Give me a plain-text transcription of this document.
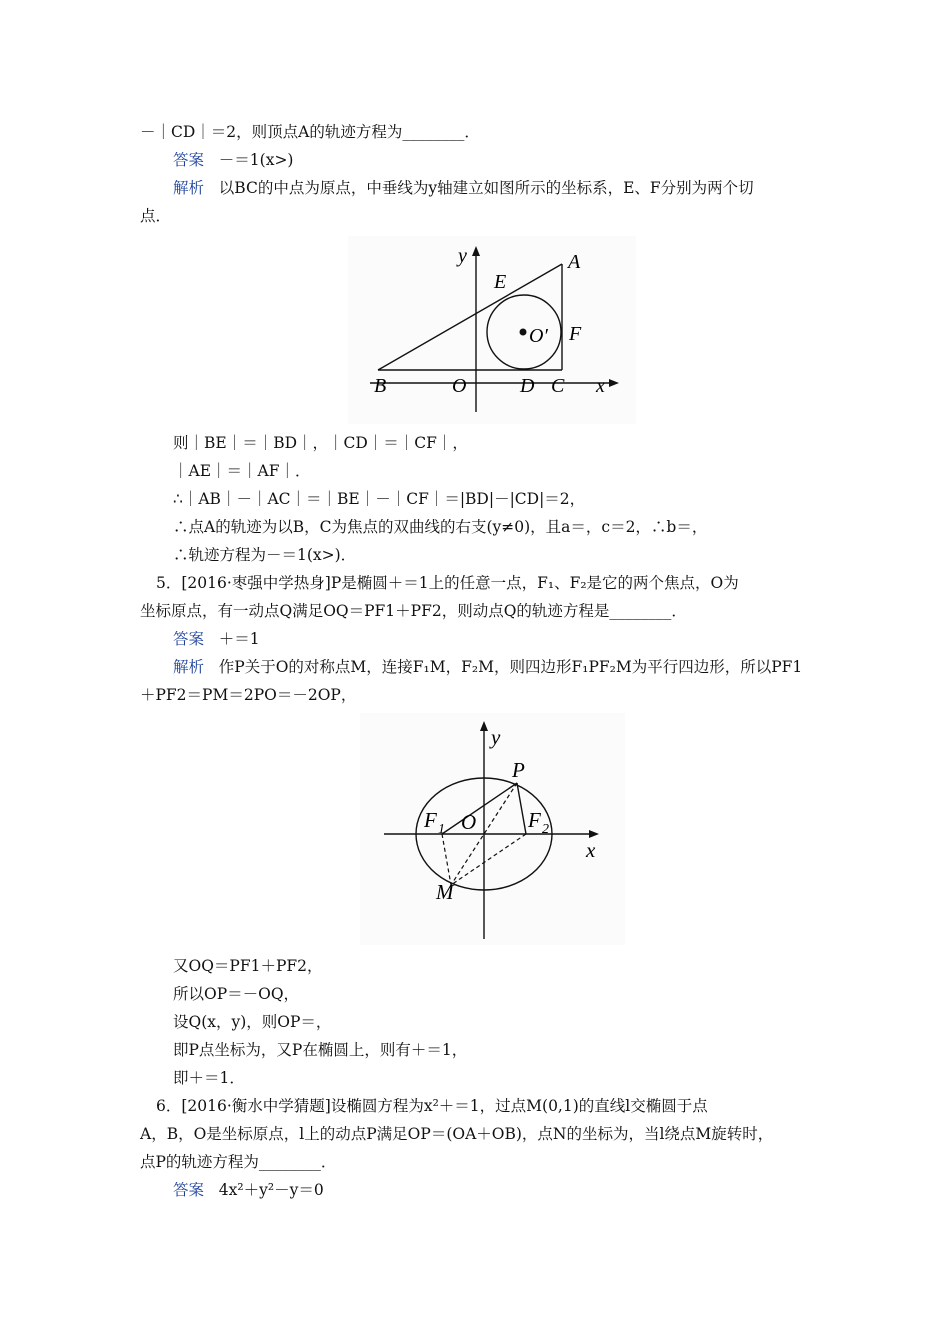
－｜CD｜＝2，则顶点A的轨迹方程为________．
答案 －＝1(x>)
解析 以BC的中点为原点，中垂线为y轴建立如图所示的坐标系，E、F分别为两个切
点．
y	A
E
O′ F
B	O	D C x
则｜BE｜＝｜BD｜，｜CD｜＝｜CF｜，
｜AE｜＝｜AF｜．
∴｜AB｜－｜AC｜＝｜BE｜－｜CF｜＝|BD|－|CD|＝2，
∴点A的轨迹为以B，C为焦点的双曲线的右支(y≠0)，且a＝，c＝2，∴b＝，
∴轨迹方程为－＝1(x>)．
5．[2016·枣强中学热身]P是椭圆＋＝1上的任意一点，F₁、F₂是它的两个焦点，O为
坐标原点，有一动点Q满足OQ＝PF1＋PF2，则动点Q的轨迹方程是________．
答案 ＋＝1
解析 作P关于O的对称点M，连接F₁M，F₂M，则四边形F₁PF₂M为平行四边形，所以PF1
＋PF2＝PM＝2PO＝－2OP，
y
P
F 1 O F 2
x
M
又OQ＝PF1＋PF2，
所以OP＝－OQ，
设Q(x，y)，则OP＝，
即P点坐标为，又P在椭圆上，则有＋＝1，
即＋＝1．
6．[2016·衡水中学猜题]设椭圆方程为x²＋＝1，过点M(0,1)的直线l交椭圆于点
A，B，O是坐标原点，l上的动点P满足OP＝(OA＋OB)，点N的坐标为，当l绕点M旋转时，
点P的轨迹方程为________．
答案 4x²＋y²－y＝0
